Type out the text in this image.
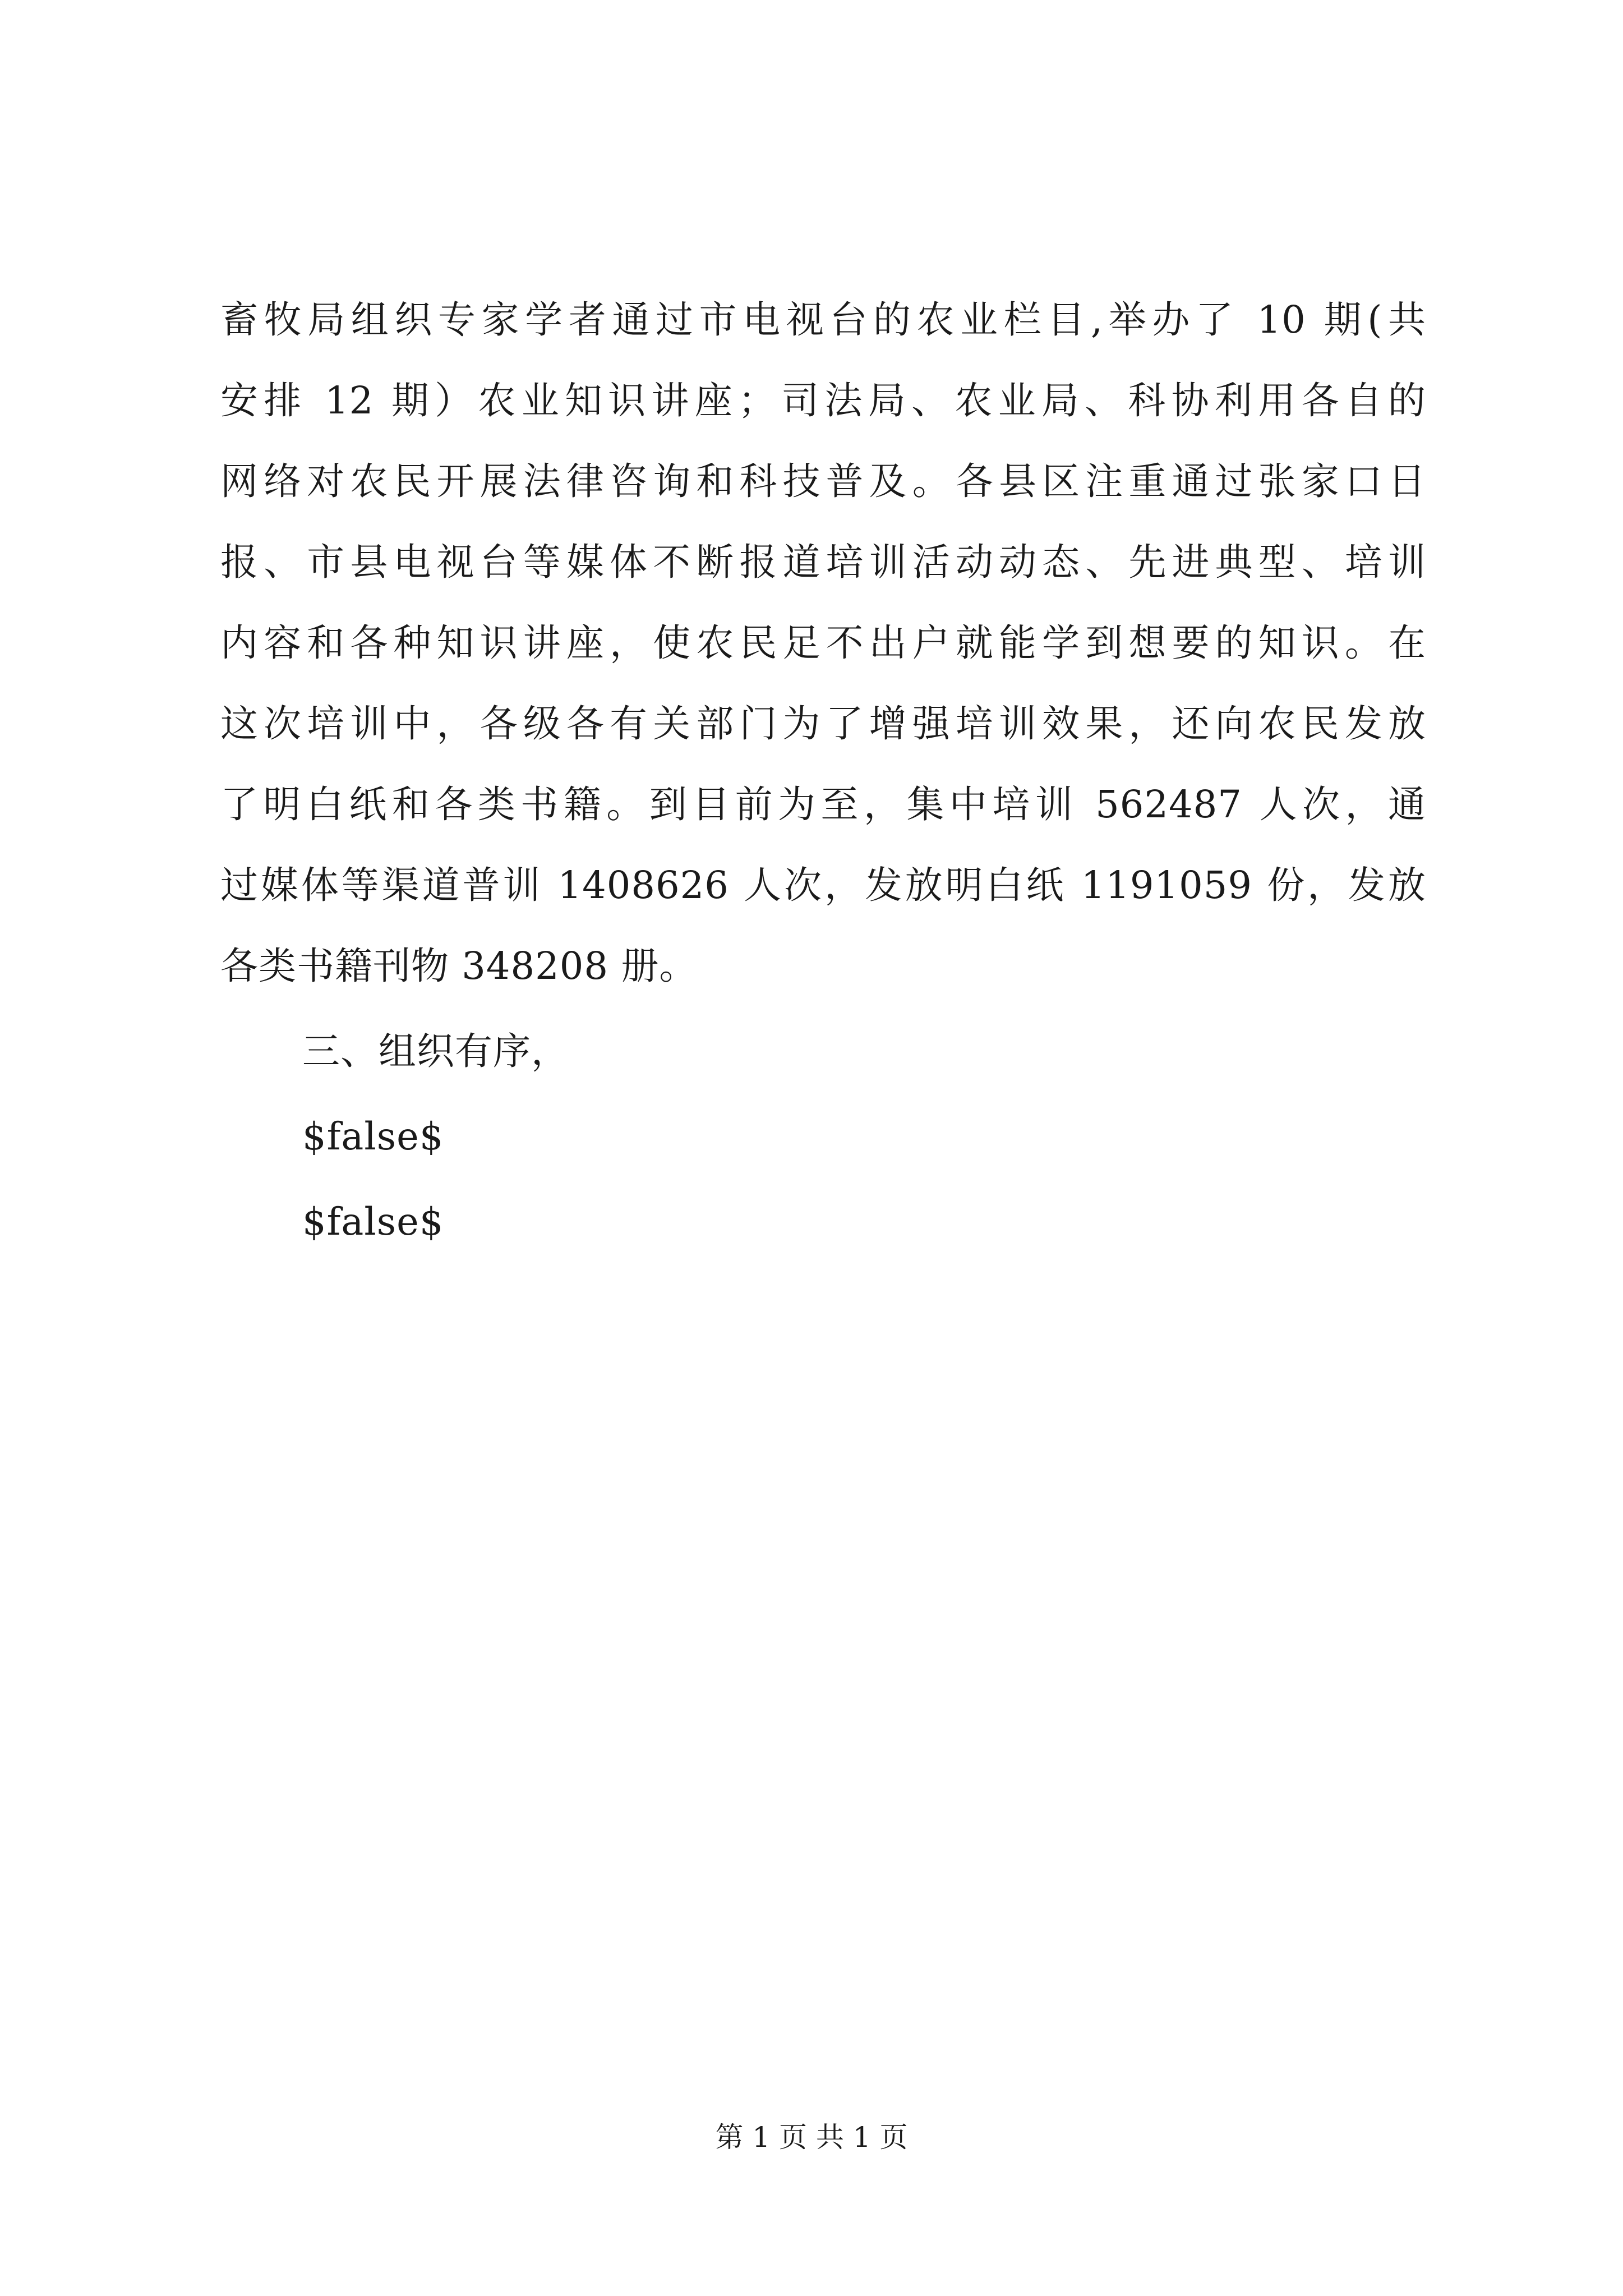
畜牧局组织专家学者通过市电视台的农业栏目,举办了 10 期(共
安排 12 期）农业知识讲座；司法局、农业局、科协利用各自的
网络对农民开展法律咨询和科技普及。各县区注重通过张家口日
报、市县电视台等媒体不断报道培训活动动态、先进典型、培训
内容和各种知识讲座，使农民足不出户就能学到想要的知识。在
这次培训中，各级各有关部门为了增强培训效果，还向农民发放
了明白纸和各类书籍。到目前为至，集中培训 562487 人次，通
过媒体等渠道普训 1408626 人次，发放明白纸 1191059 份，发放
各类书籍刊物 348208 册。
三、组织有序，
$false$
$false$
第 1 页 共 1 页
